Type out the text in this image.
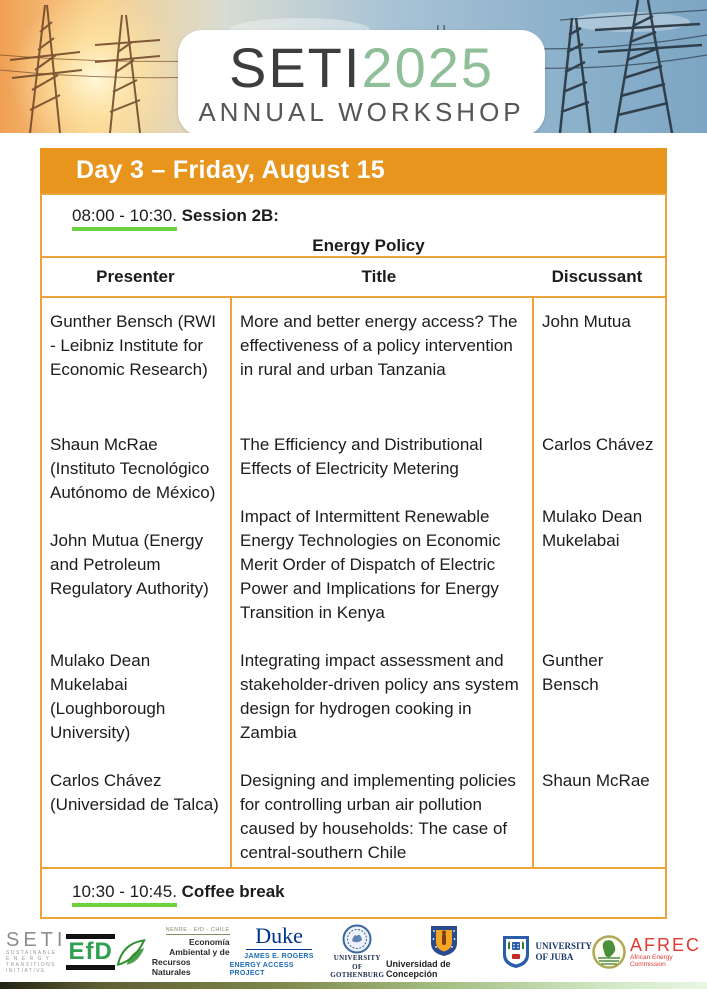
SETI2025
ANNUAL WORKSHOP
Day 3 – Friday, August 15
08:00 - 10:30. Session 2B:
Energy Policy
Presenter	Title	Discussant
Gunther Bensch (RWI - Leibniz Institute for Economic Research)
Shaun McRae (Instituto Tecnológico Autónomo de México)
John Mutua (Energy and Petroleum Regulatory Authority)
Mulako Dean Mukelabai (Loughborough University)
Carlos Chávez (Universidad de Talca)
More and better energy access? The effectiveness of a policy intervention in rural and urban Tanzania
The Efficiency and Distributional Effects of Electricity Metering
Impact of Intermittent Renewable Energy Technologies on Economic Merit Order of Dispatch of Electric Power and Implications for Energy Transition in Kenya
Integrating impact assessment and stakeholder-driven policy ans system design for hydrogen cooking in Zambia
Designing and implementing policies for controlling urban air pollution caused by households: The case of central-southern Chile
John Mutua
Carlos Chávez
Mulako Dean Mukelabai
Gunther Bensch
Shaun McRae
10:30 - 10:45. Coffee break
SETI
SUSTAINABLE
E N E R G Y
TRANSITIONS
INITIATIVE
EfD
NENRE - EfD - CHILE
Economía
Ambiental y de
Recursos Naturales
Duke
JAMES E. ROGERS
ENERGY ACCESS PROJECT
UNIVERSITY OF
GOTHENBURG
Universidad de Concepción
UNIVERSITY
OF JUBA
AFREC
African Energy
Commission
